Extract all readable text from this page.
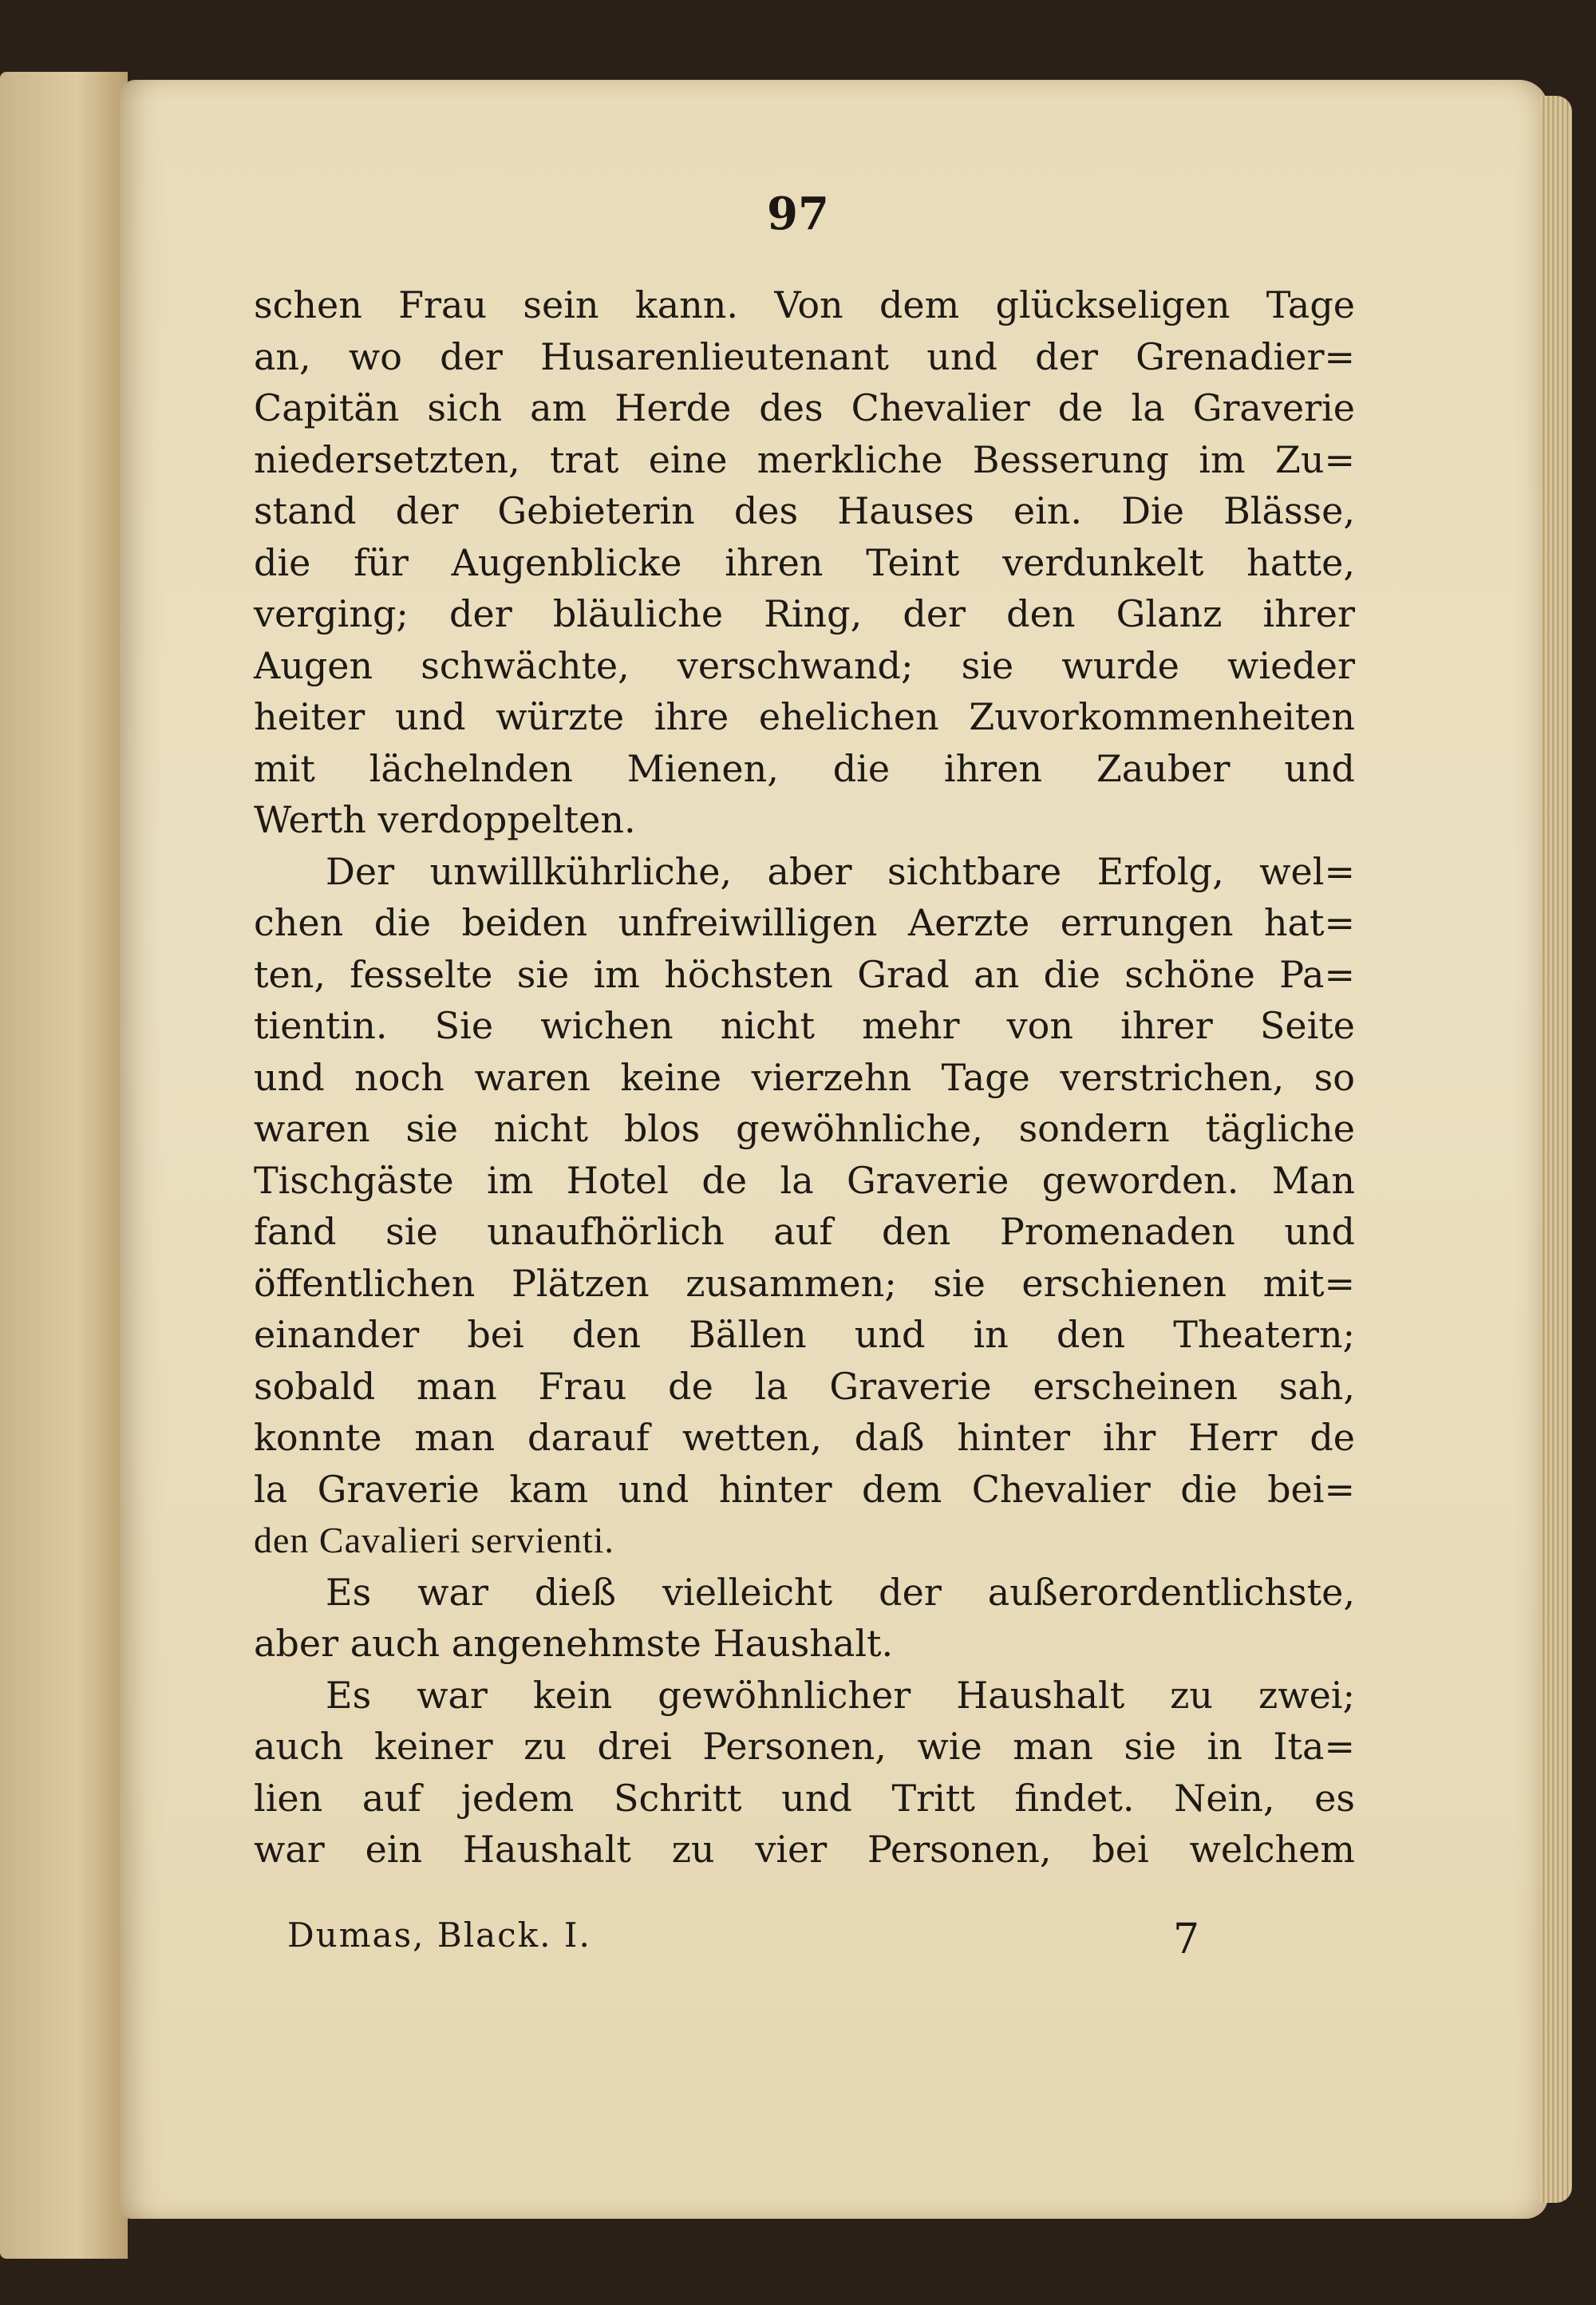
97

schen Frau sein kann. Von dem glückseligen Tage
an, wo der Husarenlieutenant und der Grenadier=
Capitän sich am Herde des Chevalier de la Graverie
niedersetzten, trat eine merkliche Besserung im Zu=
stand der Gebieterin des Hauses ein. Die Blässe,
die für Augenblicke ihren Teint verdunkelt hatte,
verging; der bläuliche Ring, der den Glanz ihrer
Augen schwächte, verschwand; sie wurde wieder
heiter und würzte ihre ehelichen Zuvorkommenheiten
mit lächelnden Mienen, die ihren Zauber und
Werth verdoppelten.
Der unwillkührliche, aber sichtbare Erfolg, wel=
chen die beiden unfreiwilligen Aerzte errungen hat=
ten, fesselte sie im höchsten Grad an die schöne Pa=
tientin. Sie wichen nicht mehr von ihrer Seite
und noch waren keine vierzehn Tage verstrichen, so
waren sie nicht blos gewöhnliche, sondern tägliche
Tischgäste im Hotel de la Graverie geworden. Man
fand sie unaufhörlich auf den Promenaden und
öffentlichen Plätzen zusammen; sie erschienen mit=
einander bei den Bällen und in den Theatern;
sobald man Frau de la Graverie erscheinen sah,
konnte man darauf wetten, daß hinter ihr Herr de
la Graverie kam und hinter dem Chevalier die bei=
den Cavalieri servienti.
Es war dieß vielleicht der außerordentlichste,
aber auch angenehmste Haushalt.
Es war kein gewöhnlicher Haushalt zu zwei;
auch keiner zu drei Personen, wie man sie in Ita=
lien auf jedem Schritt und Tritt findet. Nein, es
war ein Haushalt zu vier Personen, bei welchem
Dumas, Black. I.	7
